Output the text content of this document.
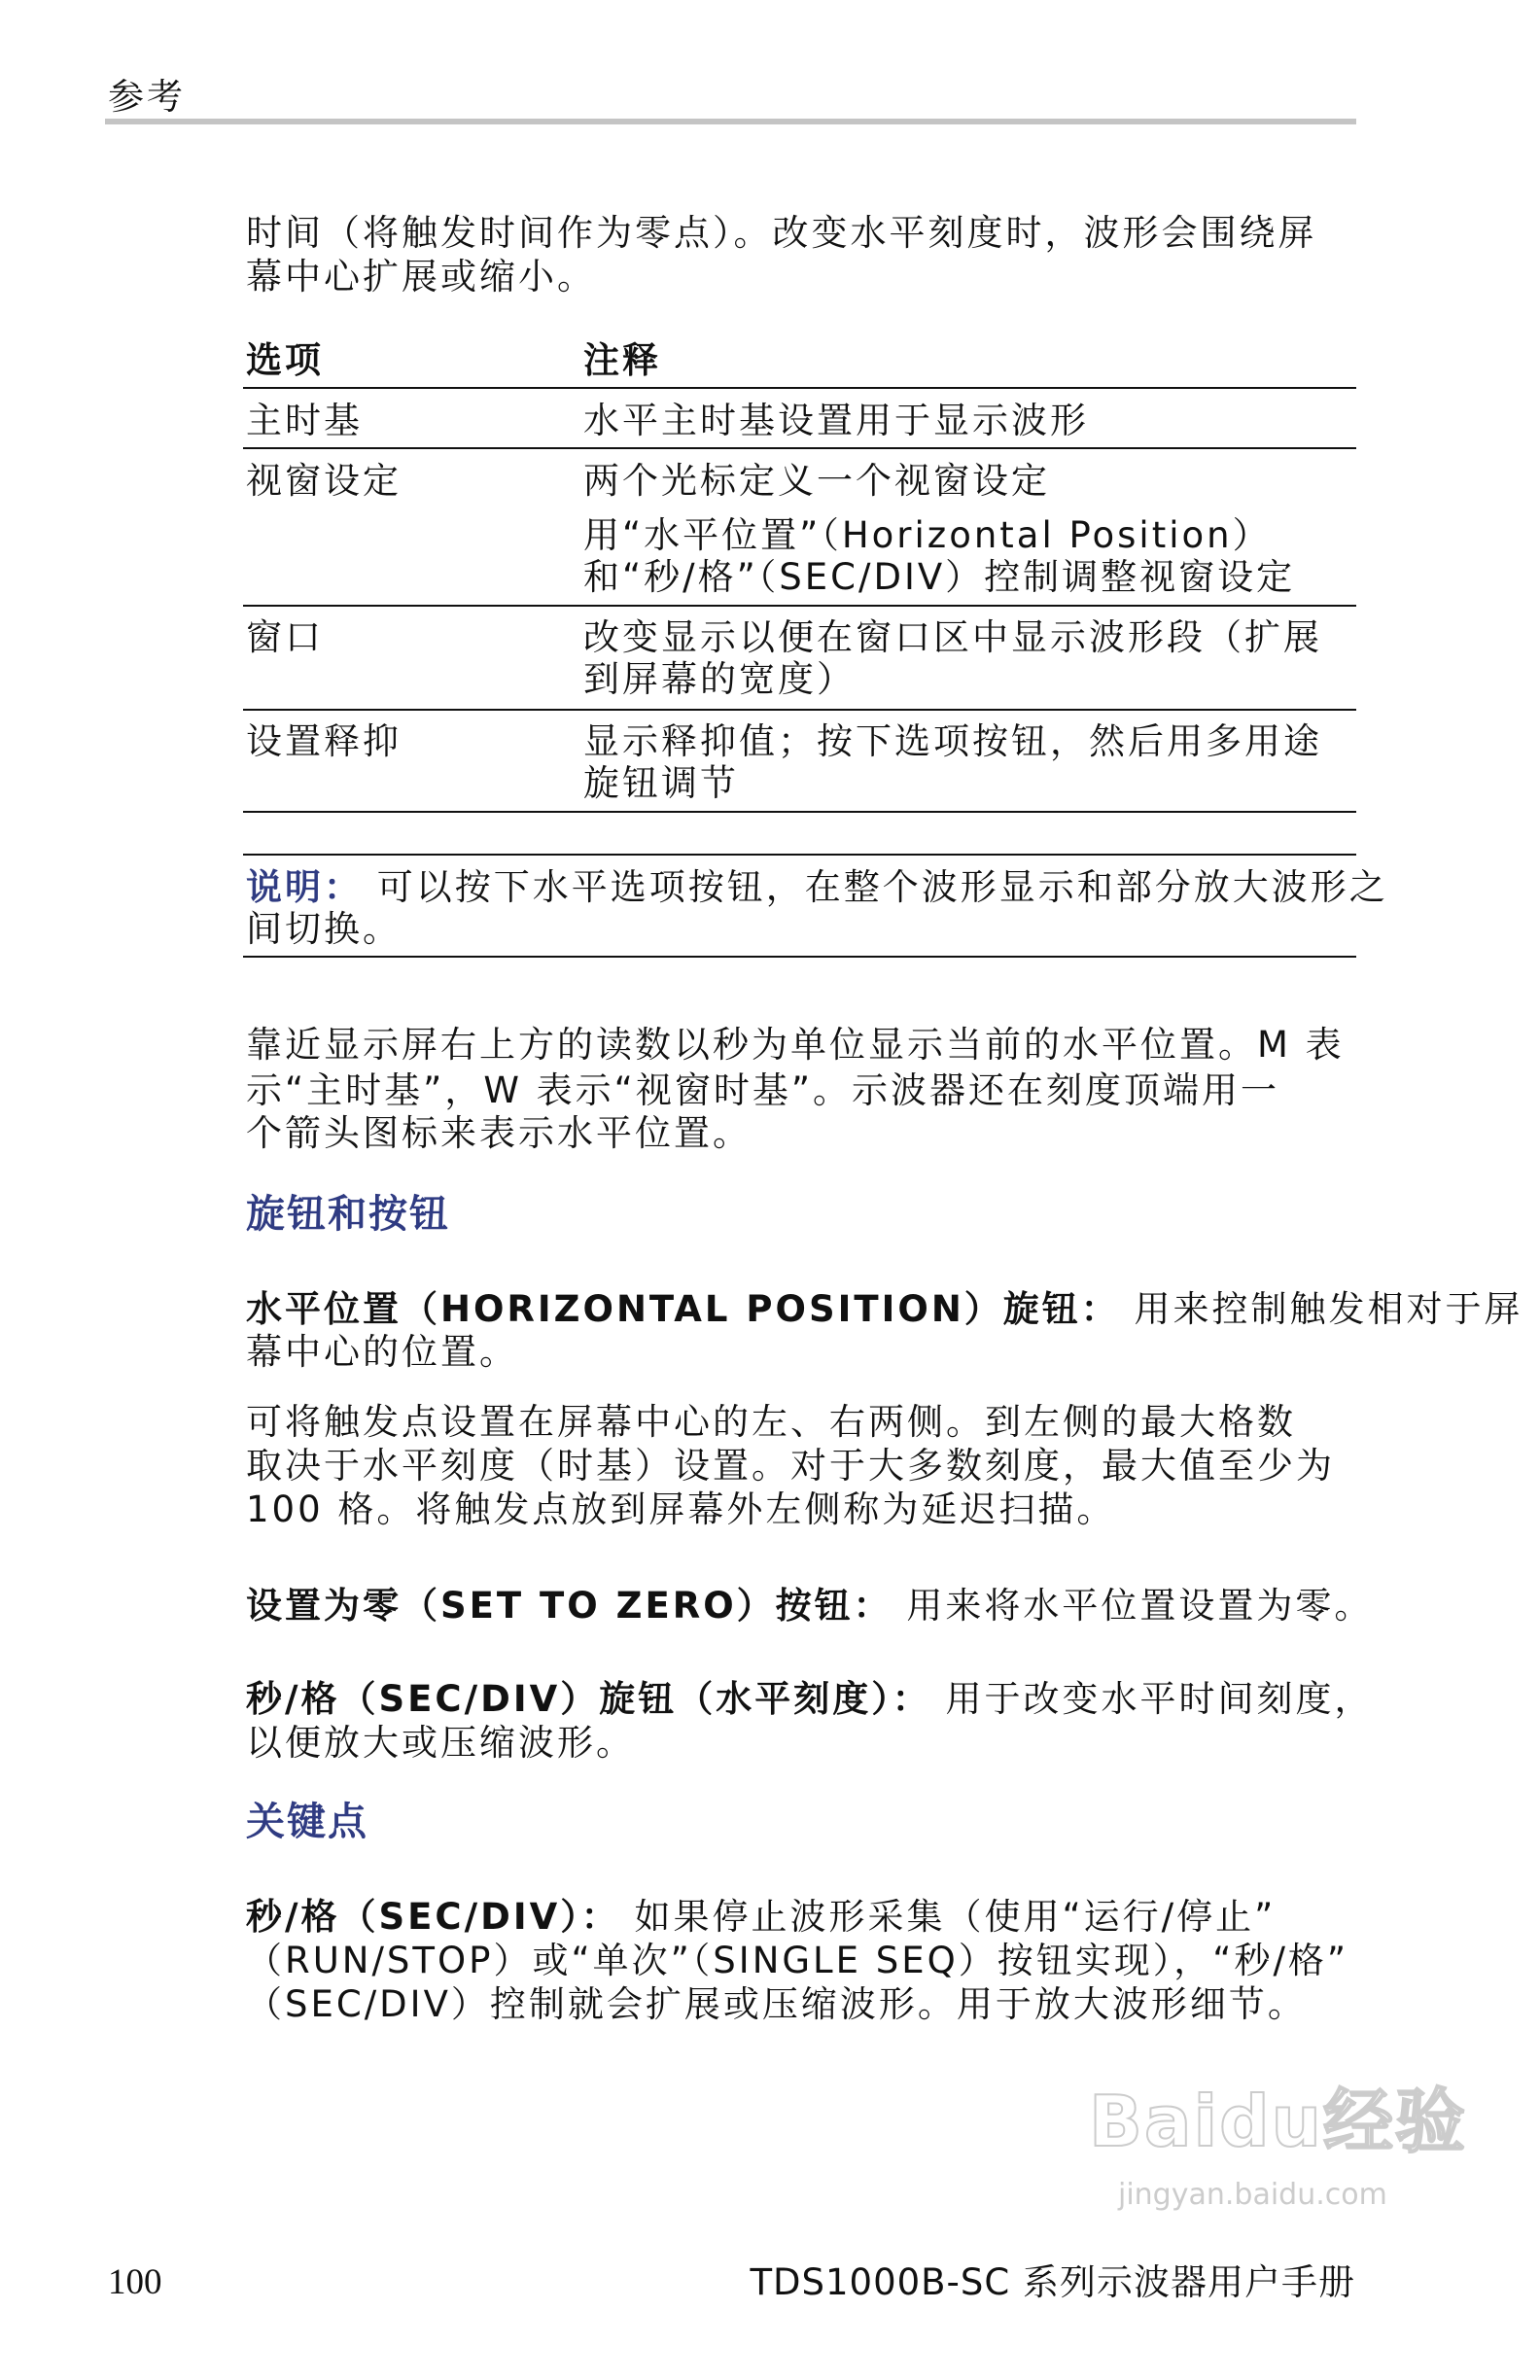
参考
时间（将触发时间作为零点）。改变水平刻度时，波形会围绕屏
幕中心扩展或缩小。
选项	注释
主时基	水平主时基设置用于显示波形
视窗设定	两个光标定义一个视窗设定
用“水平位置”（Horizontal Position）
和“秒/格”（SEC/DIV）控制调整视窗设定
窗口	改变显示以便在窗口区中显示波形段（扩展
到屏幕的宽度）
设置释抑	显示释抑值；按下选项按钮，然后用多用途
旋钮调节
说明： 可以按下水平选项按钮，在整个波形显示和部分放大波形之
间切换。
靠近显示屏右上方的读数以秒为单位显示当前的水平位置。M 表
示“主时基”，W 表示“视窗时基”。示波器还在刻度顶端用一
个箭头图标来表示水平位置。
旋钮和按钮
水平位置（HORIZONTAL POSITION）旋钮： 用来控制触发相对于屏
幕中心的位置。
可将触发点设置在屏幕中心的左、右两侧。到左侧的最大格数
取决于水平刻度（时基）设置。对于大多数刻度，最大值至少为
100 格。将触发点放到屏幕外左侧称为延迟扫描。
设置为零（SET TO ZERO）按钮： 用来将水平位置设置为零。
秒/格（SEC/DIV）旋钮（水平刻度）： 用于改变水平时间刻度，
以便放大或压缩波形。
关键点
秒/格（SEC/DIV）： 如果停止波形采集（使用“运行/停止”
（RUN/STOP）或“单次”（SINGLE SEQ）按钮实现），“秒/格”
（SEC/DIV）控制就会扩展或压缩波形。用于放大波形细节。
Baidu经验
jingyan.baidu.com
100	TDS1000B-SC 系列示波器用户手册
